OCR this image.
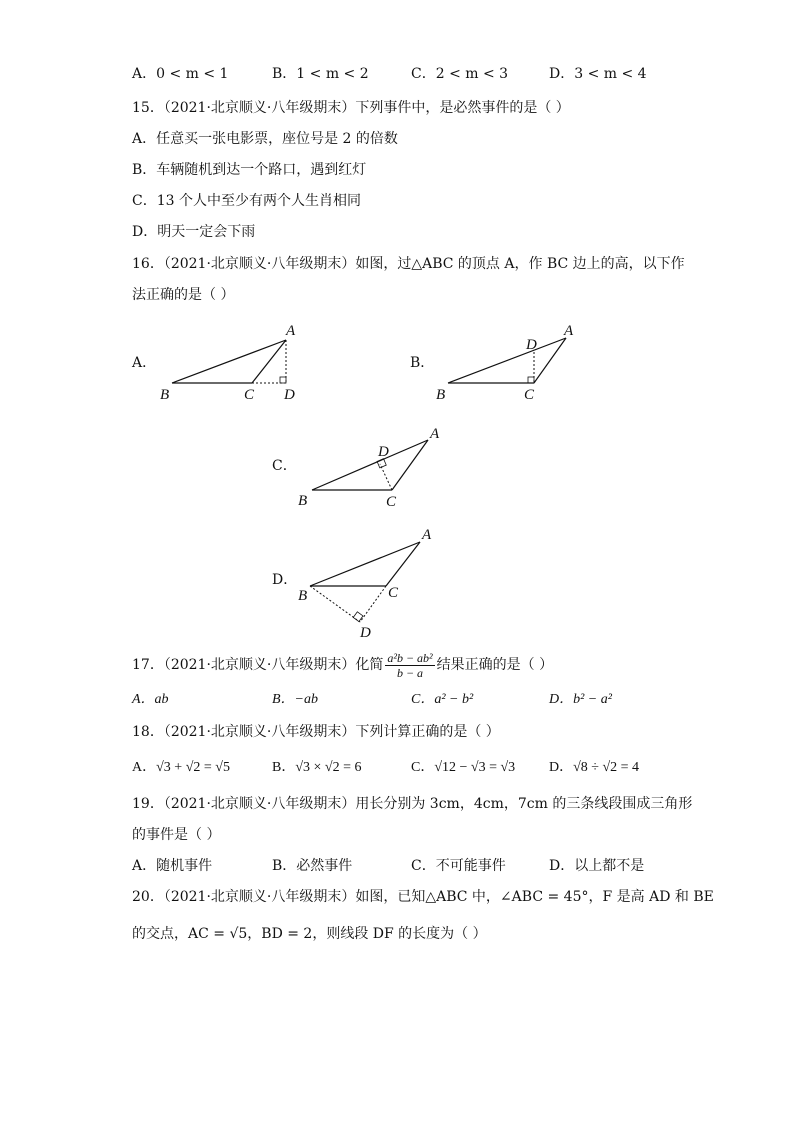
A．0 < m < 1	B．1 < m < 2	C．2 < m < 3	D．3 < m < 4
15．（2021·北京顺义·八年级期末）下列事件中，是必然事件的是（ ）
A．任意买一张电影票，座位号是 2 的倍数
B．车辆随机到达一个路口，遇到红灯
C．13 个人中至少有两个人生肖相同
D．明天一定会下雨
16．（2021·北京顺义·八年级期末）如图，过△ABC 的顶点 A，作 BC 边上的高，以下作
法正确的是（ ）
A．	B．
C．
D．
A
B	C D
A
D
B	C
A
D
B	C
A
B	C
D
17．（2021·北京顺义·八年级期末）化简 $\frac{\text{a²b − ab²}}{b - a}$ 结果正确的是（ ）
A．ab	B．−ab	C．a² − b²	D．b² − a²
18．（2021·北京顺义·八年级期末）下列计算正确的是（ ）
A．√3 + √2 = √5	B．√3 × √2 = 6	C．√12 − √3 = √3 D．√8 ÷ √2 = 4
19．（2021·北京顺义·八年级期末）用长分别为 3cm，4cm，7cm 的三条线段围成三角形
的事件是（ ）
A．随机事件	B．必然事件	C．不可能事件	D．以上都不是
20．（2021·北京顺义·八年级期末）如图，已知△ABC 中，∠ABC = 45°，F 是高 AD 和 BE
的交点，AC = √5，BD = 2，则线段 DF 的长度为（ ）
